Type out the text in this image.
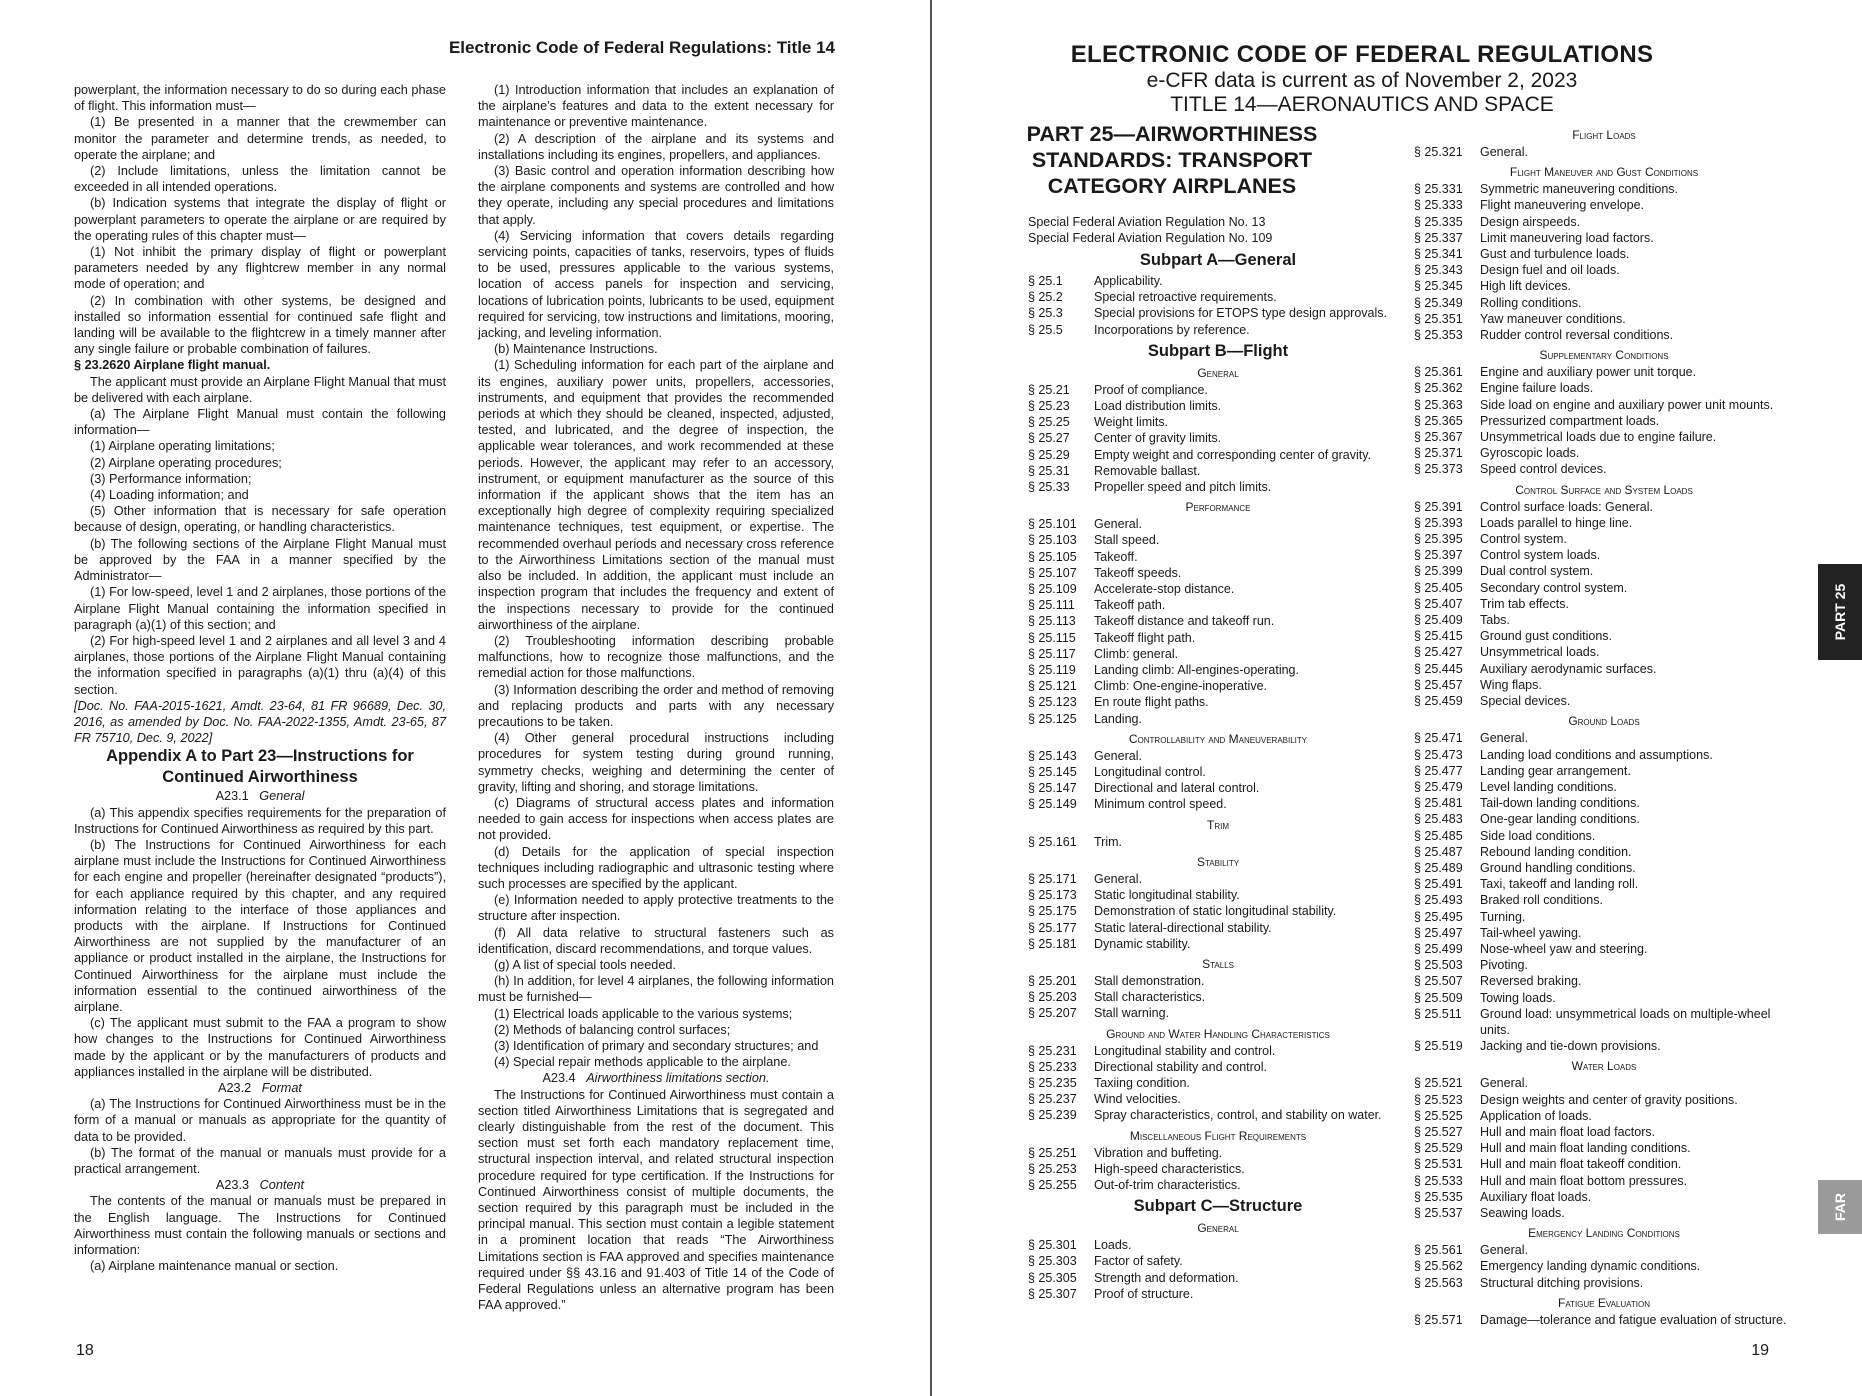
Electronic Code of Federal Regulations: Title 14

powerplant, the information necessary to do so during each phase of flight. This information must—

(1) Be presented in a manner that the crewmember can monitor the parameter and determine trends, as needed, to operate the airplane; and

(2) Include limitations, unless the limitation cannot be exceeded in all intended operations.

(b) Indication systems that integrate the display of flight or powerplant parameters to operate the airplane or are required by the operating rules of this chapter must—

(1) Not inhibit the primary display of flight or powerplant parameters needed by any flightcrew member in any normal mode of operation; and

(2) In combination with other systems, be designed and installed so information essential for continued safe flight and landing will be available to the flightcrew in a timely manner after any single failure or probable combination of failures.

§ 23.2620 Airplane flight manual.

The applicant must provide an Airplane Flight Manual that must be delivered with each airplane.

(a) The Airplane Flight Manual must contain the following information—

(1) Airplane operating limitations;

(2) Airplane operating procedures;

(3) Performance information;

(4) Loading information; and

(5) Other information that is necessary for safe operation because of design, operating, or handling characteristics.

(b) The following sections of the Airplane Flight Manual must be approved by the FAA in a manner specified by the Administrator—

(1) For low-speed, level 1 and 2 airplanes, those portions of the Airplane Flight Manual containing the information specified in paragraph (a)(1) of this section; and

(2) For high-speed level 1 and 2 airplanes and all level 3 and 4 airplanes, those portions of the Airplane Flight Manual containing the information specified in paragraphs (a)(1) thru (a)(4) of this section.

[Doc. No. FAA-2015-1621, Amdt. 23-64, 81 FR 96689, Dec. 30, 2016, as amended by Doc. No. FAA-2022-1355, Amdt. 23-65, 87 FR 75710, Dec. 9, 2022]

Appendix A to Part 23—Instructions for Continued Airworthiness

A23.1 General

(a) This appendix specifies requirements for the preparation of Instructions for Continued Airworthiness as required by this part.

(b) The Instructions for Continued Airworthiness for each airplane must include the Instructions for Continued Airworthiness for each engine and propeller (hereinafter designated “products”), for each appliance required by this chapter, and any required information relating to the interface of those appliances and products with the airplane. If Instructions for Continued Airworthiness are not supplied by the manufacturer of an appliance or product installed in the airplane, the Instructions for Continued Airworthiness for the airplane must include the information essential to the continued airworthiness of the airplane.

(c) The applicant must submit to the FAA a program to show how changes to the Instructions for Continued Airworthiness made by the applicant or by the manufacturers of products and appliances installed in the airplane will be distributed.

A23.2 Format

(a) The Instructions for Continued Airworthiness must be in the form of a manual or manuals as appropriate for the quantity of data to be provided.

(b) The format of the manual or manuals must provide for a practical arrangement.

A23.3 Content

The contents of the manual or manuals must be prepared in the English language. The Instructions for Continued Airworthiness must contain the following manuals or sections and information:

(a) Airplane maintenance manual or section.

(1) Introduction information that includes an explanation of the airplane’s features and data to the extent necessary for maintenance or preventive maintenance.

(2) A description of the airplane and its systems and installations including its engines, propellers, and appliances.

(3) Basic control and operation information describing how the airplane components and systems are controlled and how they operate, including any special procedures and limitations that apply.

(4) Servicing information that covers details regarding servicing points, capacities of tanks, reservoirs, types of fluids to be used, pressures applicable to the various systems, location of access panels for inspection and servicing, locations of lubrication points, lubricants to be used, equipment required for servicing, tow instructions and limitations, mooring, jacking, and leveling information.

(b) Maintenance Instructions.

(1) Scheduling information for each part of the airplane and its engines, auxiliary power units, propellers, accessories, instruments, and equipment that provides the recommended periods at which they should be cleaned, inspected, adjusted, tested, and lubricated, and the degree of inspection, the applicable wear tolerances, and work recommended at these periods. However, the applicant may refer to an accessory, instrument, or equipment manufacturer as the source of this information if the applicant shows that the item has an exceptionally high degree of complexity requiring specialized maintenance techniques, test equipment, or expertise. The recommended overhaul periods and necessary cross reference to the Airworthiness Limitations section of the manual must also be included. In addition, the applicant must include an inspection program that includes the frequency and extent of the inspections necessary to provide for the continued airworthiness of the airplane.

(2) Troubleshooting information describing probable malfunctions, how to recognize those malfunctions, and the remedial action for those malfunctions.

(3) Information describing the order and method of removing and replacing products and parts with any necessary precautions to be taken.

(4) Other general procedural instructions including procedures for system testing during ground running, symmetry checks, weighing and determining the center of gravity, lifting and shoring, and storage limitations.

(c) Diagrams of structural access plates and information needed to gain access for inspections when access plates are not provided.

(d) Details for the application of special inspection techniques including radiographic and ultrasonic testing where such processes are specified by the applicant.

(e) Information needed to apply protective treatments to the structure after inspection.

(f) All data relative to structural fasteners such as identification, discard recommendations, and torque values.

(g) A list of special tools needed.

(h) In addition, for level 4 airplanes, the following information must be furnished—

(1) Electrical loads applicable to the various systems;

(2) Methods of balancing control surfaces;

(3) Identification of primary and secondary structures; and

(4) Special repair methods applicable to the airplane.

A23.4 Airworthiness limitations section.

The Instructions for Continued Airworthiness must contain a section titled Airworthiness Limitations that is segregated and clearly distinguishable from the rest of the document. This section must set forth each mandatory replacement time, structural inspection interval, and related structural inspection procedure required for type certification. If the Instructions for Continued Airworthiness consist of multiple documents, the section required by this paragraph must be included in the principal manual. This section must contain a legible statement in a prominent location that reads “The Airworthiness Limitations section is FAA approved and specifies maintenance required under §§ 43.16 and 91.403 of Title 14 of the Code of Federal Regulations unless an alternative program has been FAA approved.”

18
ELECTRONIC CODE OF FEDERAL REGULATIONS
e-CFR data is current as of November 2, 2023
TITLE 14—AERONAUTICS AND SPACE
PART 25—AIRWORTHINESS STANDARDS: TRANSPORT CATEGORY AIRPLANES
Special Federal Aviation Regulation No. 13
Special Federal Aviation Regulation No. 109
Subpart A—General
§ 25.1	Applicability.
§ 25.2	Special retroactive requirements.
§ 25.3	Special provisions for ETOPS type design approvals.
§ 25.5	Incorporations by reference.
Subpart B—Flight
General
§ 25.21	Proof of compliance.
§ 25.23	Load distribution limits.
§ 25.25	Weight limits.
§ 25.27	Center of gravity limits.
§ 25.29	Empty weight and corresponding center of gravity.
§ 25.31	Removable ballast.
§ 25.33	Propeller speed and pitch limits.
Performance
§ 25.101	General.
§ 25.103	Stall speed.
§ 25.105	Takeoff.
§ 25.107	Takeoff speeds.
§ 25.109	Accelerate-stop distance.
§ 25.111	Takeoff path.
§ 25.113	Takeoff distance and takeoff run.
§ 25.115	Takeoff flight path.
§ 25.117	Climb: general.
§ 25.119	Landing climb: All-engines-operating.
§ 25.121	Climb: One-engine-inoperative.
§ 25.123	En route flight paths.
§ 25.125	Landing.
Controllability and Maneuverability
§ 25.143	General.
§ 25.145	Longitudinal control.
§ 25.147	Directional and lateral control.
§ 25.149	Minimum control speed.
Trim
§ 25.161	Trim.
Stability
§ 25.171	General.
§ 25.173	Static longitudinal stability.
§ 25.175	Demonstration of static longitudinal stability.
§ 25.177	Static lateral-directional stability.
§ 25.181	Dynamic stability.
Stalls
§ 25.201	Stall demonstration.
§ 25.203	Stall characteristics.
§ 25.207	Stall warning.
Ground and Water Handling Characteristics
§ 25.231	Longitudinal stability and control.
§ 25.233	Directional stability and control.
§ 25.235	Taxiing condition.
§ 25.237	Wind velocities.
§ 25.239	Spray characteristics, control, and stability on water.
Miscellaneous Flight Requirements
§ 25.251	Vibration and buffeting.
§ 25.253	High-speed characteristics.
§ 25.255	Out-of-trim characteristics.
Subpart C—Structure
General
§ 25.301	Loads.
§ 25.303	Factor of safety.
§ 25.305	Strength and deformation.
§ 25.307	Proof of structure.
Flight Loads
§ 25.321	General.
Flight Maneuver and Gust Conditions
§ 25.331	Symmetric maneuvering conditions.
§ 25.333	Flight maneuvering envelope.
§ 25.335	Design airspeeds.
§ 25.337	Limit maneuvering load factors.
§ 25.341	Gust and turbulence loads.
§ 25.343	Design fuel and oil loads.
§ 25.345	High lift devices.
§ 25.349	Rolling conditions.
§ 25.351	Yaw maneuver conditions.
§ 25.353	Rudder control reversal conditions.
Supplementary Conditions
§ 25.361	Engine and auxiliary power unit torque.
§ 25.362	Engine failure loads.
§ 25.363	Side load on engine and auxiliary power unit mounts.
§ 25.365	Pressurized compartment loads.
§ 25.367	Unsymmetrical loads due to engine failure.
§ 25.371	Gyroscopic loads.
§ 25.373	Speed control devices.
Control Surface and System Loads
§ 25.391	Control surface loads: General.
§ 25.393	Loads parallel to hinge line.
§ 25.395	Control system.
§ 25.397	Control system loads.
§ 25.399	Dual control system.
§ 25.405	Secondary control system.
§ 25.407	Trim tab effects.
§ 25.409	Tabs.
§ 25.415	Ground gust conditions.
§ 25.427	Unsymmetrical loads.
§ 25.445	Auxiliary aerodynamic surfaces.
§ 25.457	Wing flaps.
§ 25.459	Special devices.
Ground Loads
§ 25.471	General.
§ 25.473	Landing load conditions and assumptions.
§ 25.477	Landing gear arrangement.
§ 25.479	Level landing conditions.
§ 25.481	Tail-down landing conditions.
§ 25.483	One-gear landing conditions.
§ 25.485	Side load conditions.
§ 25.487	Rebound landing condition.
§ 25.489	Ground handling conditions.
§ 25.491	Taxi, takeoff and landing roll.
§ 25.493	Braked roll conditions.
§ 25.495	Turning.
§ 25.497	Tail-wheel yawing.
§ 25.499	Nose-wheel yaw and steering.
§ 25.503	Pivoting.
§ 25.507	Reversed braking.
§ 25.509	Towing loads.
§ 25.511	Ground load: unsymmetrical loads on multiple-wheel units.
§ 25.519	Jacking and tie-down provisions.
Water Loads
§ 25.521	General.
§ 25.523	Design weights and center of gravity positions.
§ 25.525	Application of loads.
§ 25.527	Hull and main float load factors.
§ 25.529	Hull and main float landing conditions.
§ 25.531	Hull and main float takeoff condition.
§ 25.533	Hull and main float bottom pressures.
§ 25.535	Auxiliary float loads.
§ 25.537	Seawing loads.
Emergency Landing Conditions
§ 25.561	General.
§ 25.562	Emergency landing dynamic conditions.
§ 25.563	Structural ditching provisions.
Fatigue Evaluation
§ 25.571	Damage—tolerance and fatigue evaluation of structure.
PART 25
FAR
19
